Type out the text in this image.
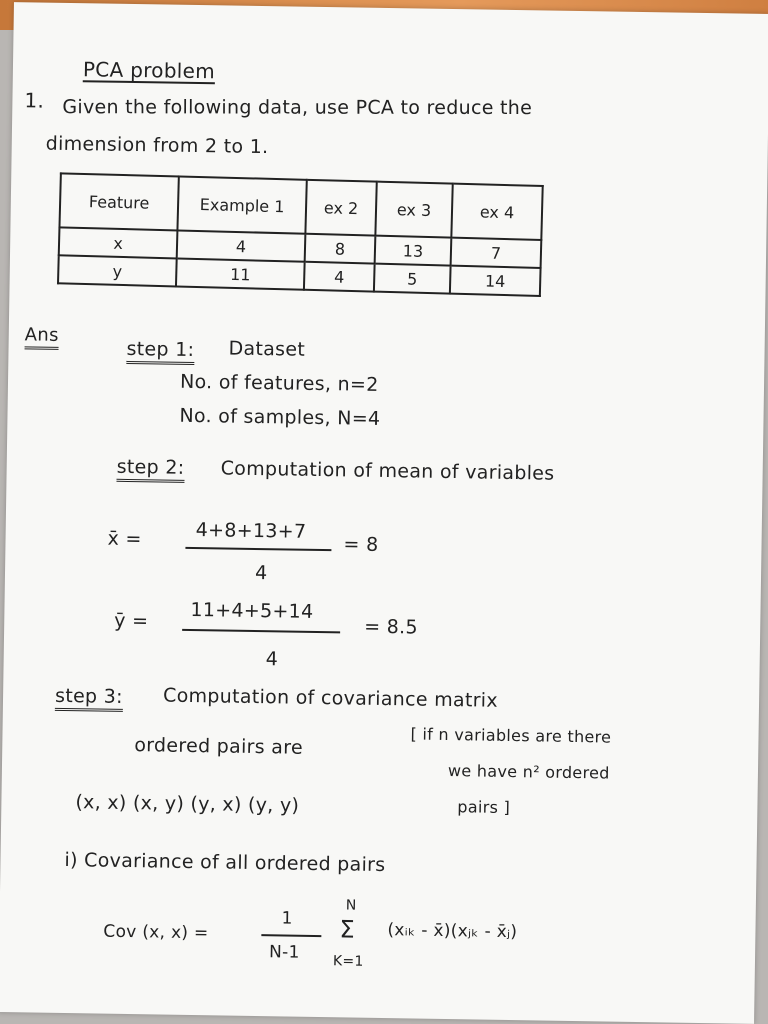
PCA problem
1. Given the following data, use PCA to reduce the
dimension from 2 to 1.
Feature	Example 1	ex 2	ex 3	ex 4
x	4	8	13	7
y	11	4	5	14
Ans
step 1: Dataset
No. of features, n=2
No. of samples, N=4
step 2: Computation of mean of variables
x̄ =	4+8+13+7
4
= 8
ȳ = 11+4+5+14
4
= 8.5
step 3: Computation of covariance matrix
ordered pairs are	[ if n variables are there
we have n² ordered
(x, x) (x, y) (y, x) (y, y)	pairs ]
i) Covariance of all ordered pairs
Cov (x, x) =
1
N-1
N
Σ
K=1
(xᵢₖ - x̄)(xⱼₖ - x̄ⱼ)
